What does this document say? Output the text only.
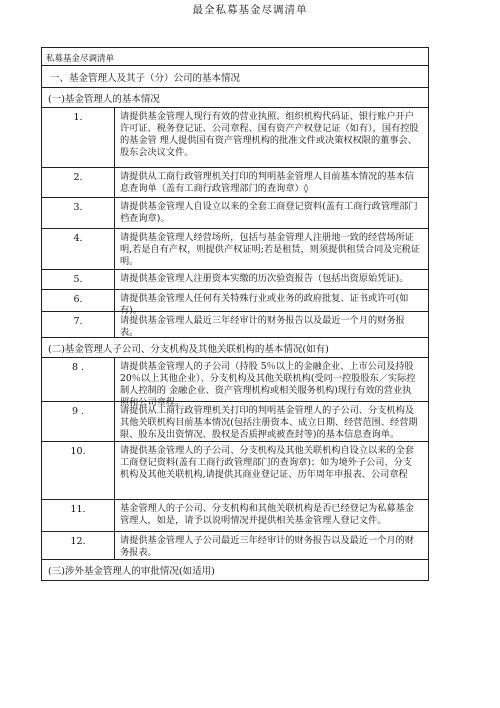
最全私募基金尽调清单
私募基金尽调清单
一、基金管理人及其子（分）公司的基本情况
(一)基金管理人的基本情况
1.	请提供基金管理人现行有效的营业执照、组织机构代码证、银行账户开户许可证、税务登记证、公司章程、国有资产产权登记证（如有），国有控股的基金管 理人提供国有资产管理机构的批准文件或决策权权限的董事会、股东会决议文件。
2.	请提供从工商行政管理机关打印的判明基金管理人目前基本情况的基本信息查询单（盖有工商行政管理部门的查询章）◊
3.	请提供基金管理人自设立以来的全套工商登记资料(盖有工商行政管理部门档查询章)。
4.	请提供基金管理人经营场所，包括与基金管理人注册地一致的经营场所证明,若是自有产权，则提供产权证明;若是租赁，则须提供租赁合同及完税证明。
5.	请提供基金管理人注册资本实缴的历次验资报告（包括出资原始凭证)。
6.	请提供基金管理人任何有关特殊行业或业务的政府批复、证书或许可(如有)。
7.	请提供基金管理人最近三年经审计的财务报告以及最近一个月的财务报表。
(二)基金管理人子公司、分支机构及其他关联机构的基本情况(如有)
8 .	请提供基金管理人的子公司（持股 5％以上的金融企业、上市公司及持股 20％以上其他企业）、分支机构及其他关联机构(受同一控股股东／实际控制人控制的 金融企业、资产管理机构或相关服务机构)现行有效的营业执照和公司章程。
9 .	请提供从工商行政管理机关打印的判明基金管理人的子公司、分支机构及其他关联机构目前基本情况(包括注册资本、成立日期、经营范围、经营期限、股东及出资情况、股权是否质押或被查封等)的基本信息查询单。
10.	请提供基金管理人的子公司、分支机构及其他关联机构自设立以来的全套工商登记资料(盖有工商行政管理部门的查询章)；如为境外子公司、分支机构及其他关联机构,请提供其商业登记证、历年周年申报表、公司章程
11.	基金管理人的子公司、分支机构和其他关联机构是否已经登记为私募基金管理人，如是，请予以说明情况并提供相关基金管理人登记文件。
12.	请提供基金管理人子公司最近三年经审计的财务报告以及最近一个月的财务报表。
(三)涉外基金管理人的审批情况(如适用)
